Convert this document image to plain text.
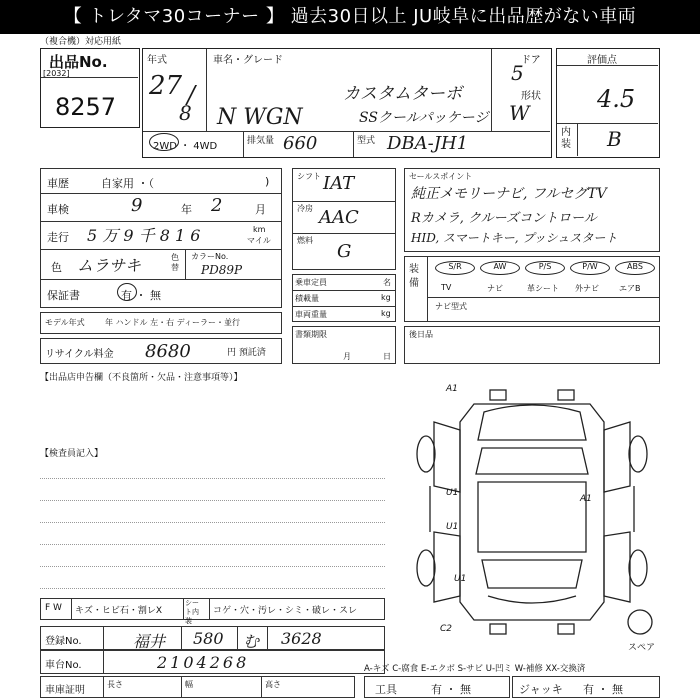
【 トレタマ30コーナー 】 過去30日以上 JU岐阜に出品歴がない車両
（複合機）対応用紙
出品No.
[2032]
8257
年式
27 /
8
車名・グレード
カスタムターボ
N WGN	SSクールパッケージ
ドア
5
形状
W
2WD ・ 4WD	排気量 660	型式 DBA-JH1
評価点
4.5
内装 B
車歴	自家用 ・（	)
車検	9	年 2	月
走行 5 万 9 千 8 1 6	km
マイル
色 ムラサキ	色替
カラーNo.
PD89P
保証書	有 ・ 無
モデル年式	年 ハンドル 左・右 ディーラー・並行
リサイクル料金 8680	円 預託済
シフト IAT
冷房 AAC
燃料
G
乗車定員	名
積載量	kg
車両重量	kg
書類期限
月	日
セールスポイント
純正メモリーナビ, フルセグTV
Rカメラ, クルーズコントロール
HID, スマートキー, プッシュスタート
装備
S/R	AW	P/S	P/W	ABS
TV	ナビ	革シート 外ナビ	エアB
ナビ型式
後日品
【出品店申告欄（不良箇所・欠品・注意事項等）】
【検査員記入】
F W キズ・ヒビ石・割レX
シート内装
コゲ・穴・汚レ・シミ・破レ・スレ
登録No.	福井 580 む 3628
車台No.	2104268
車庫証明
長さ	幅	高さ
A-キズ C-腐食 E-エクボ S-サビ U-凹ミ W-補修 XX-交換済
工具	有 ・ 無	ジャッキ 有 ・ 無
A1
U1
A1
U1
U1
C2
スペア
